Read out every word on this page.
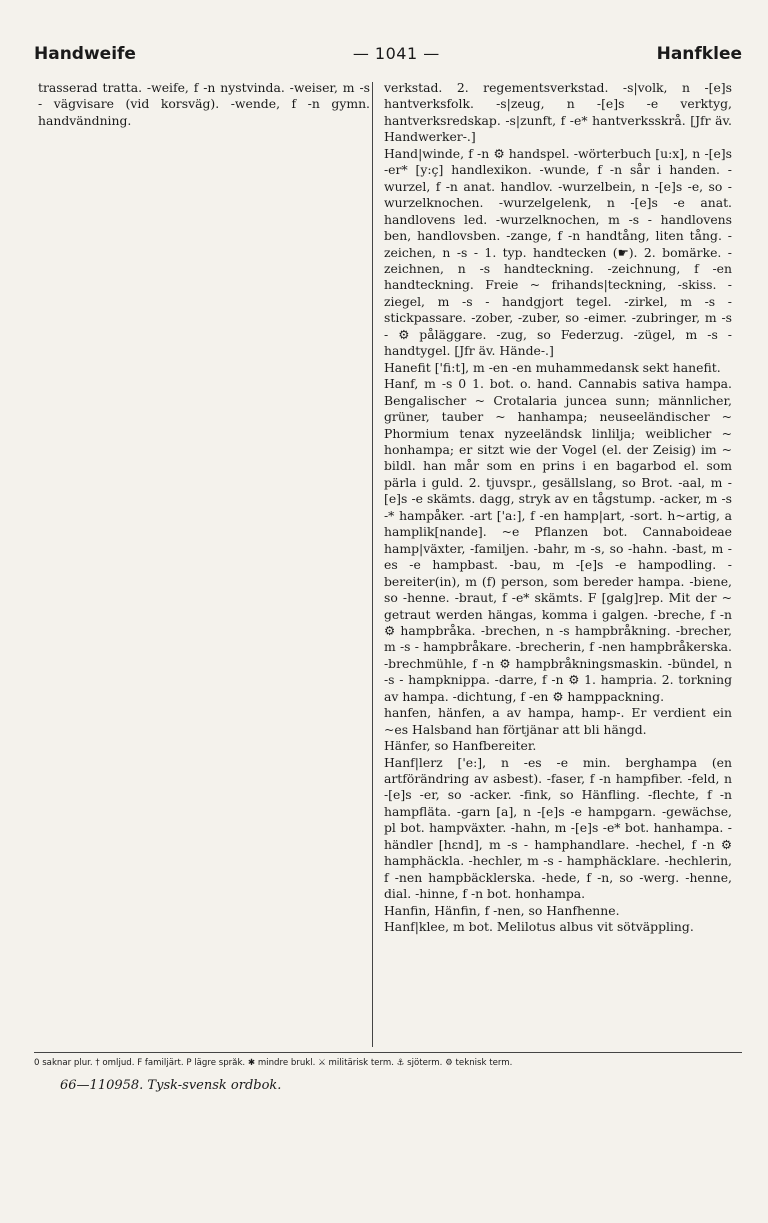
Handweife	— 1041 —	Hanfklee

trasserad tratta. -weife, f -n nystvinda. -weiser, m -s - vägvisare (vid korsväg). -wende, f -n gymn. handvändning.

verkstad. 2. regementsverkstad. -s|volk, n -[e]s hantverksfolk. -s|zeug, n -[e]s -e verktyg, hantverksredskap. -s|zunft, f -e* hantverksskrå. [Jfr äv. Handwerker-.]

Hand|winde, f -n ⚙ handspel. -wörterbuch [u:x], n -[e]s -er* [y:ç] handlexikon. -wunde, f -n sår i handen. -wurzel, f -n anat. handlov. -wurzelbein, n -[e]s -e, so -wurzelknochen. -wurzelgelenk, n -[e]s -e anat. handlovens led. -wurzelknochen, m -s - handlovens ben, handlovsben. -zange, f -n handtång, liten tång. -zeichen, n -s - 1. typ. handtecken (☛). 2. bomärke. -zeichnen, n -s handteckning. -zeichnung, f -en handteckning. Freie ~ frihands|teckning, -skiss. -ziegel, m -s - handgjort tegel. -zirkel, m -s - stickpassare. -zober, -zuber, so -eimer. -zubringer, m -s - ⚙ påläggare. -zug, so Federzug. -zügel, m -s - handtygel. [Jfr äv. Hände-.]

Hanefit ['fi:t], m -en -en muhammedansk sekt hanefit.

Hanf, m -s 0 1. bot. o. hand. Cannabis sativa hampa. Bengalischer ~ Crotalaria juncea sunn; männlicher, grüner, tauber ~ hanhampa; neuseeländischer ~ Phormium tenax nyzeeländsk linlilja; weiblicher ~ honhampa; er sitzt wie der Vogel (el. der Zeisig) im ~ bildl. han mår som en prins i en bagarbod el. som pärla i guld. 2. tjuvspr., gesällslang, so Brot. -aal, m -[e]s -e skämts. dagg, stryk av en tågstump. -acker, m -s -* hampåker. -art ['a:], f -en hamp|art, -sort. h~artig, a hamplik[nande]. ~e Pflanzen bot. Cannaboideae hamp|växter, -familjen. -bahr, m -s, so -hahn. -bast, m -es -e hampbast. -bau, m -[e]s -e hampodling. -bereiter(in), m (f) person, som bereder hampa. -biene, so -henne. -braut, f -e* skämts. F [galg]rep. Mit der ~ getraut werden hängas, komma i galgen. -breche, f -n ⚙ hampbråka. -brechen, n -s hampbråkning. -brecher, m -s - hampbråkare. -brecherin, f -nen hampbråkerska. -brechmühle, f -n ⚙ hampbråkningsmaskin. -bündel, n -s - hampknippa. -darre, f -n ⚙ 1. hampria. 2. torkning av hampa. -dichtung, f -en ⚙ hamppackning.

hanfen, hänfen, a av hampa, hamp-. Er verdient ein ~es Halsband han förtjänar att bli hängd.

Hänfer, so Hanfbereiter.

Hanf|lerz ['e:], n -es -e min. berghampa (en artförändring av asbest). -faser, f -n hampfiber. -feld, n -[e]s -er, so -acker. -fink, so Hänfling. -flechte, f -n hampfläta. -garn [a], n -[e]s -e hampgarn. -gewächse, pl bot. hampväxter. -hahn, m -[e]s -e* bot. hanhampa. -händler [hεnd], m -s - hamphandlare. -hechel, f -n ⚙ hamphäckla. -hechler, m -s - hamphäcklare. -hechlerin, f -nen hampbäcklerska. -hede, f -n, so -werg. -henne, dial. -hinne, f -n bot. honhampa.

Hanfin, Hänfin, f -nen, so Hanfhenne.

Hanf|klee, m bot. Melilotus albus vit sötväppling.

0 saknar plur. † omljud. F familjärt. P lägre språk. ✱ mindre brukl. ⚔ militärisk term. ⚓ sjöterm. ⚙ teknisk term.
66—110958. Tysk-svensk ordbok.
